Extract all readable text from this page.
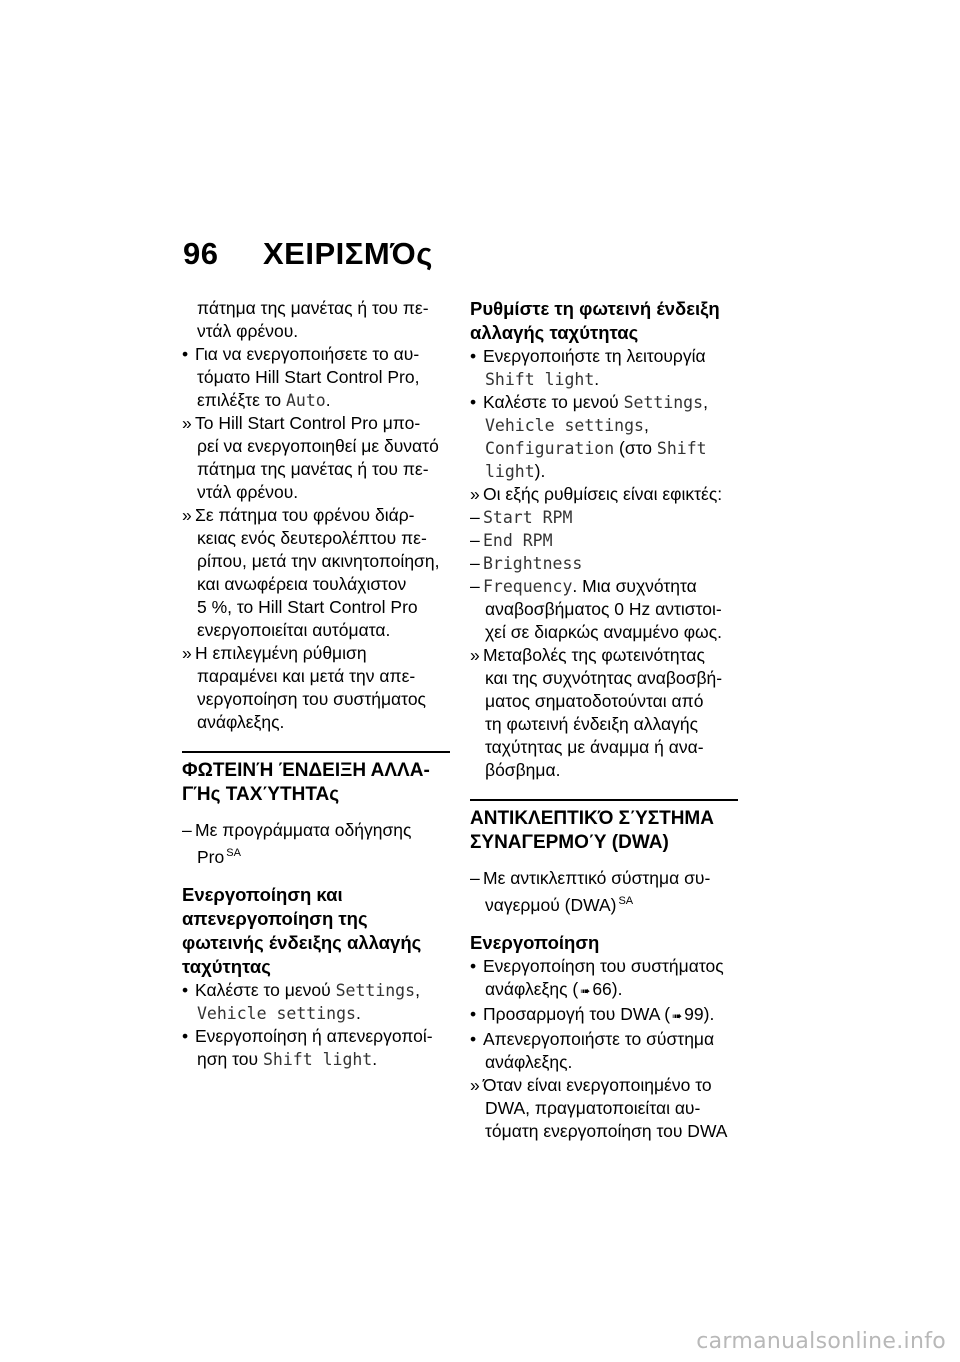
96 ΧΕΙΡΙΣΜΌς
πάτημα της μανέτας ή του πε-
ντάλ φρένου.
• Για να ενεργοποιήσετε το αυ-
τόματο Hill Start Control Pro,
επιλέξτε το Auto.
» Το Hill Start Control Pro μπο-
ρεί να ενεργοποιηθεί με δυνατό
πάτημα της μανέτας ή του πε-
ντάλ φρένου.
» Σε πάτημα του φρένου διάρ-
κειας ενός δευτερολέπτου πε-
ρίπου, μετά την ακινητοποίηση,
και ανωφέρεια τουλάχιστον
5 %, το Hill Start Control Pro
ενεργοποιείται αυτόματα.
» Η επιλεγμένη ρύθμιση
παραμένει και μετά την απε-
νεργοποίηση του συστήματος
ανάφλεξης.
ΦΩΤΕΙΝΉ ΈΝΔΕΙΞΗ ΑΛΛΑ-
ΓΉς ΤΑΧΎΤΗΤΑς
– Με προγράμματα οδήγησης
Pro $^{SA}$
Ενεργοποίηση και
απενεργοποίηση της
φωτεινής ένδειξης αλλαγής
ταχύτητας
• Καλέστε το μενού Settings,
Vehicle settings.
• Ενεργοποίηση ή απενεργοποί-
ηση του Shift light.
Ρυθμίστε τη φωτεινή ένδειξη
αλλαγής ταχύτητας
• Ενεργοποιήστε τη λειτουργία
Shift light.
• Καλέστε το μενού Settings,
Vehicle settings,
Configuration (στο Shift
light).
» Οι εξής ρυθμίσεις είναι εφικτές:
– Start RPM
– End RPM
– Brightness
– Frequency. Μια συχνότητα
αναβοσβήματος 0 Hz αντιστοι-
χεί σε διαρκώς αναμμένο φως.
» Μεταβολές της φωτεινότητας
και της συχνότητας αναβοσβή-
ματος σηματοδοτούνται από
τη φωτεινή ένδειξη αλλαγής
ταχύτητας με άναμμα ή ανα-
βόσβημα.
ΑΝΤΙΚΛΕΠΤΙΚΌ ΣΎΣΤΗΜΑ
ΣΥΝΑΓΕΡΜΟΎ (DWA)
– Με αντικλεπτικό σύστημα συ-
ναγερμού (DWA) $^{SA}$
Ενεργοποίηση
• Ενεργοποίηση του συστήματος
ανάφλεξης ( ➠ 66).
• Προσαρμογή του DWA ( ➠ 99).
• Απενεργοποιήστε το σύστημα
ανάφλεξης.
» Όταν είναι ενεργοποιημένο το
DWA, πραγματοποιείται αυ-
τόματη ενεργοποίηση του DWA
carmanualsonline.info
